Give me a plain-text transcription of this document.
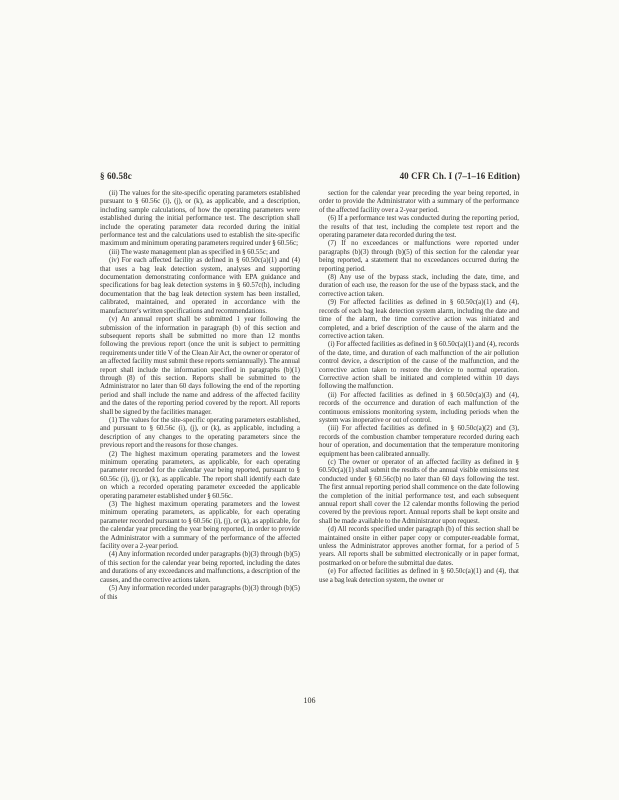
§ 60.58c	40 CFR Ch. I (7–1–16 Edition)

(ii) The values for the site-specific operating parameters established pursuant to § 60.56c (i), (j), or (k), as applicable, and a description, including sample calculations, of how the operating parameters were established during the initial performance test. The description shall include the operating parameter data recorded during the initial performance test and the calculations used to establish the site-specific maximum and minimum operating parameters required under § 60.56c;

(iii) The waste management plan as specified in § 60.55c; and

(iv) For each affected facility as defined in § 60.50c(a)(1) and (4) that uses a bag leak detection system, analyses and supporting documentation demonstrating conformance with EPA guidance and specifications for bag leak detection systems in § 60.57c(h), including documentation that the bag leak detection system has been installed, calibrated, maintained, and operated in accordance with the manufacturer's written specifications and recommendations.

(v) An annual report shall be submitted 1 year following the submission of the information in paragraph (b) of this section and subsequent reports shall be submitted no more than 12 months following the previous report (once the unit is subject to permitting requirements under title V of the Clean Air Act, the owner or operator of an affected facility must submit these reports semiannually). The annual report shall include the information specified in paragraphs (b)(1) through (8) of this section. Reports shall be submitted to the Administrator no later than 60 days following the end of the reporting period and shall include the name and address of the affected facility and the dates of the reporting period covered by the report. All reports shall be signed by the facilities manager.

(1) The values for the site-specific operating parameters established, and pursuant to § 60.56c (i), (j), or (k), as applicable, including a description of any changes to the operating parameters since the previous report and the reasons for those changes.

(2) The highest maximum operating parameters and the lowest minimum operating parameters, as applicable, for each operating parameter recorded for the calendar year being reported, pursuant to § 60.56c (i), (j), or (k), as applicable. The report shall identify each date on which a recorded operating parameter exceeded the applicable operating parameter established under § 60.56c.

(3) The highest maximum operating parameters and the lowest minimum operating parameters, as applicable, for each operating parameter recorded pursuant to § 60.56c (i), (j), or (k), as applicable, for the calendar year preceding the year being reported, in order to provide the Administrator with a summary of the performance of the affected facility over a 2-year period.

(4) Any information recorded under paragraphs (b)(3) through (b)(5) of this section for the calendar year being reported, including the dates and durations of any exceedances and malfunctions, a description of the causes, and the corrective actions taken.

(5) Any information recorded under paragraphs (b)(3) through (b)(5) of this

section for the calendar year preceding the year being reported, in order to provide the Administrator with a summary of the performance of the affected facility over a 2-year period.

(6) If a performance test was conducted during the reporting period, the results of that test, including the complete test report and the operating parameter data recorded during the test.

(7) If no exceedances or malfunctions were reported under paragraphs (b)(3) through (b)(5) of this section for the calendar year being reported, a statement that no exceedances occurred during the reporting period.

(8) Any use of the bypass stack, including the date, time, and duration of each use, the reason for the use of the bypass stack, and the corrective action taken.

(9) For affected facilities as defined in § 60.50c(a)(1) and (4), records of each bag leak detection system alarm, including the date and time of the alarm, the time corrective action was initiated and completed, and a brief description of the cause of the alarm and the corrective action taken.

(i) For affected facilities as defined in § 60.50c(a)(1) and (4), records of the date, time, and duration of each malfunction of the air pollution control device, a description of the cause of the malfunction, and the corrective action taken to restore the device to normal operation. Corrective action shall be initiated and completed within 10 days following the malfunction.

(ii) For affected facilities as defined in § 60.50c(a)(3) and (4), records of the occurrence and duration of each malfunction of the continuous emissions monitoring system, including periods when the system was inoperative or out of control.

(iii) For affected facilities as defined in § 60.50c(a)(2) and (3), records of the combustion chamber temperature recorded during each hour of operation, and documentation that the temperature monitoring equipment has been calibrated annually.

(c) The owner or operator of an affected facility as defined in § 60.50c(a)(1) shall submit the results of the annual visible emissions test conducted under § 60.56c(b) no later than 60 days following the test. The first annual reporting period shall commence on the date following the completion of the initial performance test, and each subsequent annual report shall cover the 12 calendar months following the period covered by the previous report. Annual reports shall be kept onsite and shall be made available to the Administrator upon request.

(d) All records specified under paragraph (b) of this section shall be maintained onsite in either paper copy or computer-readable format, unless the Administrator approves another format, for a period of 5 years. All reports shall be submitted electronically or in paper format, postmarked on or before the submittal due dates.

(e) For affected facilities as defined in § 60.50c(a)(1) and (4), that use a bag leak detection system, the owner or

106
